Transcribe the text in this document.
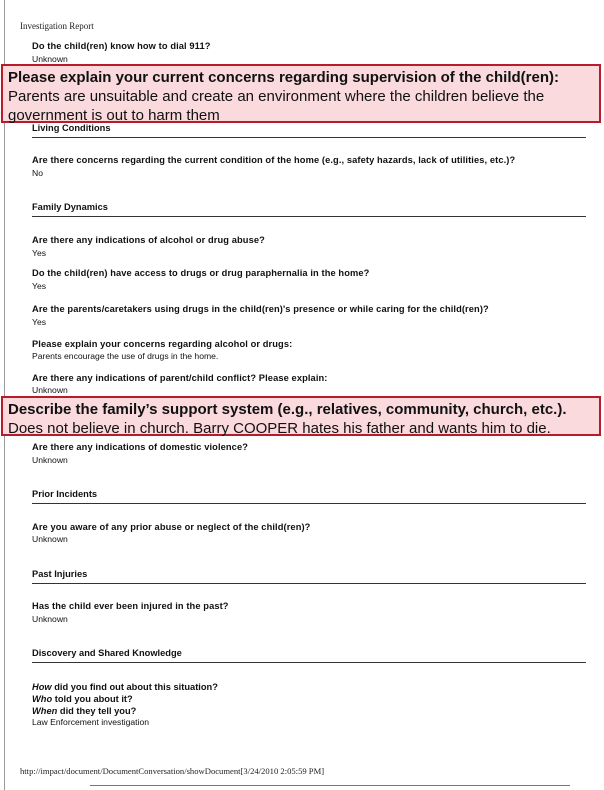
Investigation Report
Do the child(ren) know how to dial 911?
Unknown
Please explain your current concerns regarding supervision of the child(ren):
Parents are unsuitable and create an environment where the children believe the government is out to harm them
Living Conditions
Are there concerns regarding the current condition of the home (e.g., safety hazards, lack of utilities, etc.)?
No
Family Dynamics
Are there any indications of alcohol or drug abuse?
Yes
Do the child(ren) have access to drugs or drug paraphernalia in the home?
Yes
Are the parents/caretakers using drugs in the child(ren)'s presence or while caring for the child(ren)?
Yes
Please explain your concerns regarding alcohol or drugs:
Parents encourage the use of drugs in the home.
Are there any indications of parent/child conflict? Please explain:
Unknown
Describe the family’s support system (e.g., relatives, community, church, etc.).
Does not believe in church. Barry COOPER hates his father and wants him to die.
Are there any indications of domestic violence?
Unknown
Prior Incidents
Are you aware of any prior abuse or neglect of the child(ren)?
Unknown
Past Injuries
Has the child ever been injured in the past?
Unknown
Discovery and Shared Knowledge
How did you find out about this situation?
Who told you about it?
When did they tell you?
Law Enforcement investigation
http://impact/document/DocumentConversation/showDocument[3/24/2010 2:05:59 PM]
